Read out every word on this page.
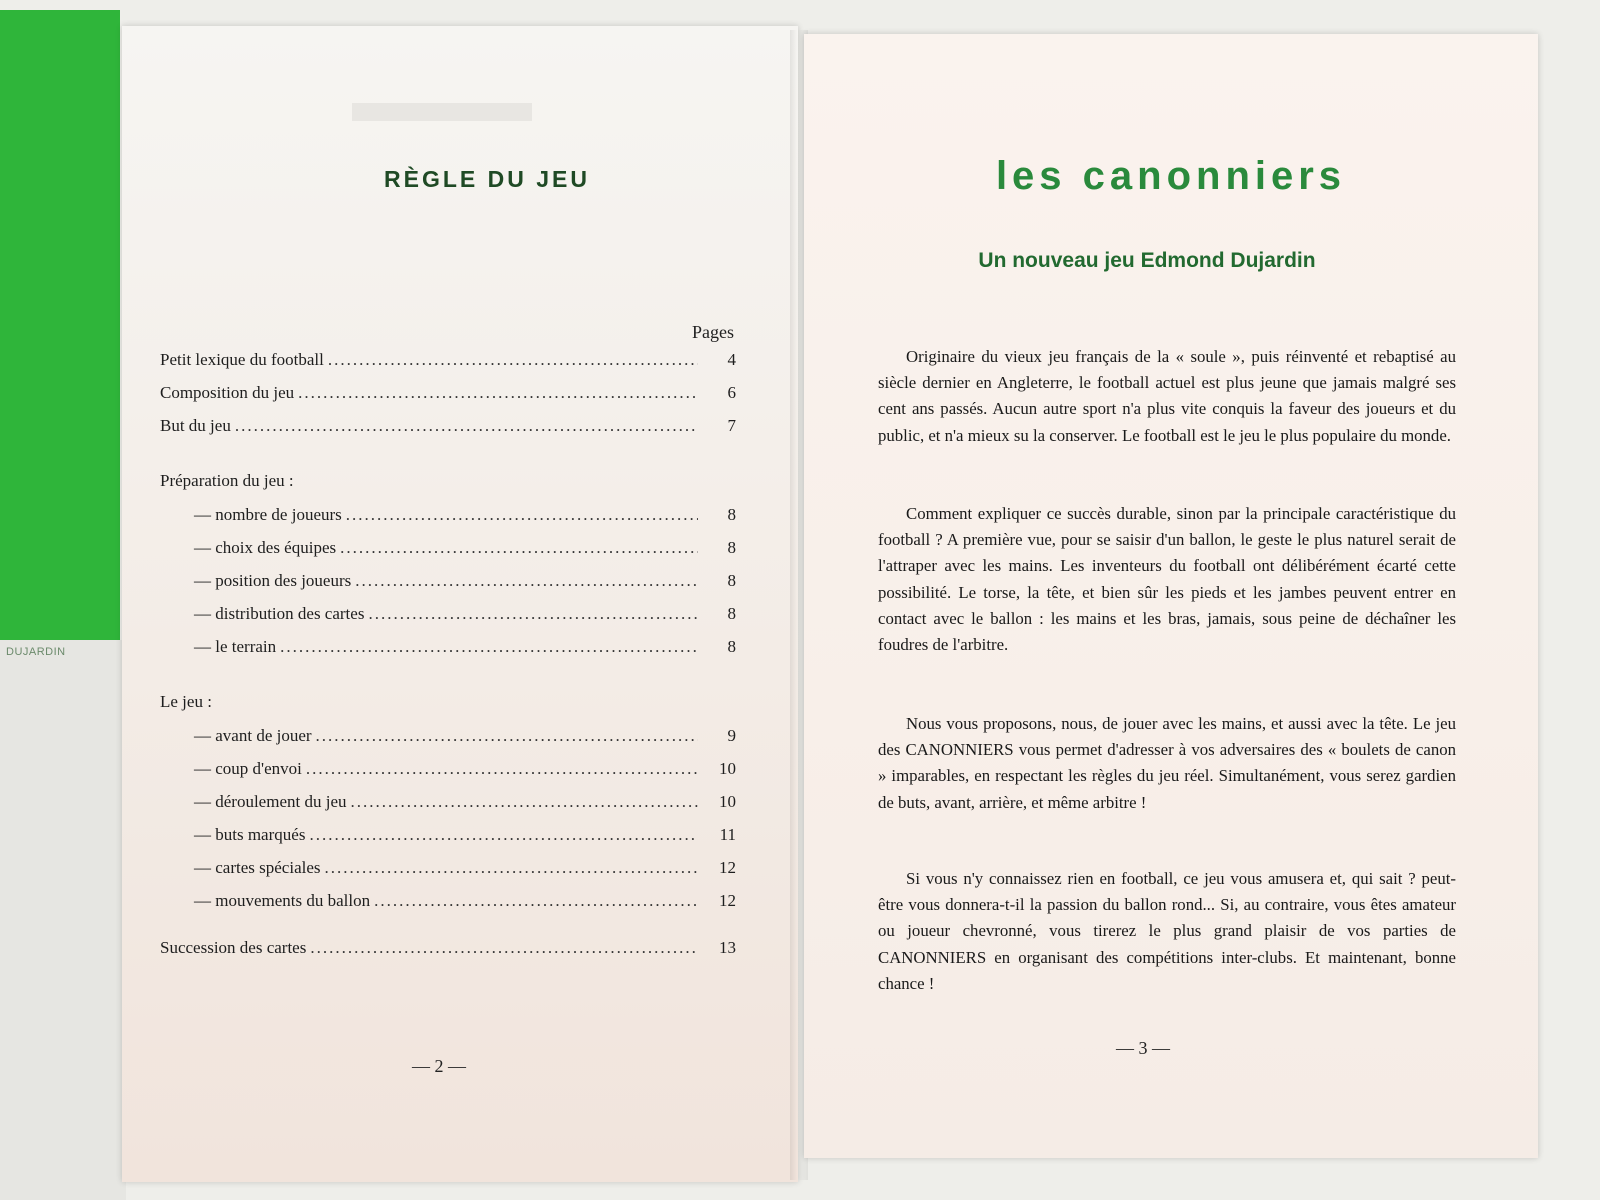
DUJARDIN
▬▬▬
RÈGLE DU JEU
Pages
Petit lexique du football .....	4
Composition du jeu .....	6
But du jeu .....	7
Préparation du jeu :
— nombre de joueurs .....	8
— choix des équipes .....	8
— position des joueurs .....	8
— distribution des cartes .....	8
— le terrain .....	8
Le jeu :
— avant de jouer .....	9
— coup d'envoi .....	10
— déroulement du jeu .....	10
— buts marqués .....	11
— cartes spéciales .....	12
— mouvements du ballon .....	12
Succession des cartes .....	13
— 2 —
les canonniers
Un nouveau jeu Edmond Dujardin
Originaire du vieux jeu français de la « soule », puis réinventé et rebaptisé au siècle dernier en Angleterre, le football actuel est plus jeune que jamais malgré ses cent ans passés. Aucun autre sport n'a plus vite conquis la faveur des joueurs et du public, et n'a mieux su la conserver. Le football est le jeu le plus populaire du monde.
Comment expliquer ce succès durable, sinon par la principale caractéristique du football ? A première vue, pour se saisir d'un ballon, le geste le plus naturel serait de l'attraper avec les mains. Les inventeurs du football ont délibérément écarté cette possibilité. Le torse, la tête, et bien sûr les pieds et les jambes peuvent entrer en contact avec le ballon : les mains et les bras, jamais, sous peine de déchaîner les foudres de l'arbitre.
Nous vous proposons, nous, de jouer avec les mains, et aussi avec la tête. Le jeu des CANONNIERS vous permet d'adresser à vos adversaires des « boulets de canon » imparables, en respectant les règles du jeu réel. Simultanément, vous serez gardien de buts, avant, arrière, et même arbitre !
Si vous n'y connaissez rien en football, ce jeu vous amusera et, qui sait ? peut-être vous donnera-t-il la passion du ballon rond... Si, au contraire, vous êtes amateur ou joueur chevronné, vous tirerez le plus grand plaisir de vos parties de CANONNIERS en organisant des compétitions inter-clubs. Et maintenant, bonne chance !
— 3 —
